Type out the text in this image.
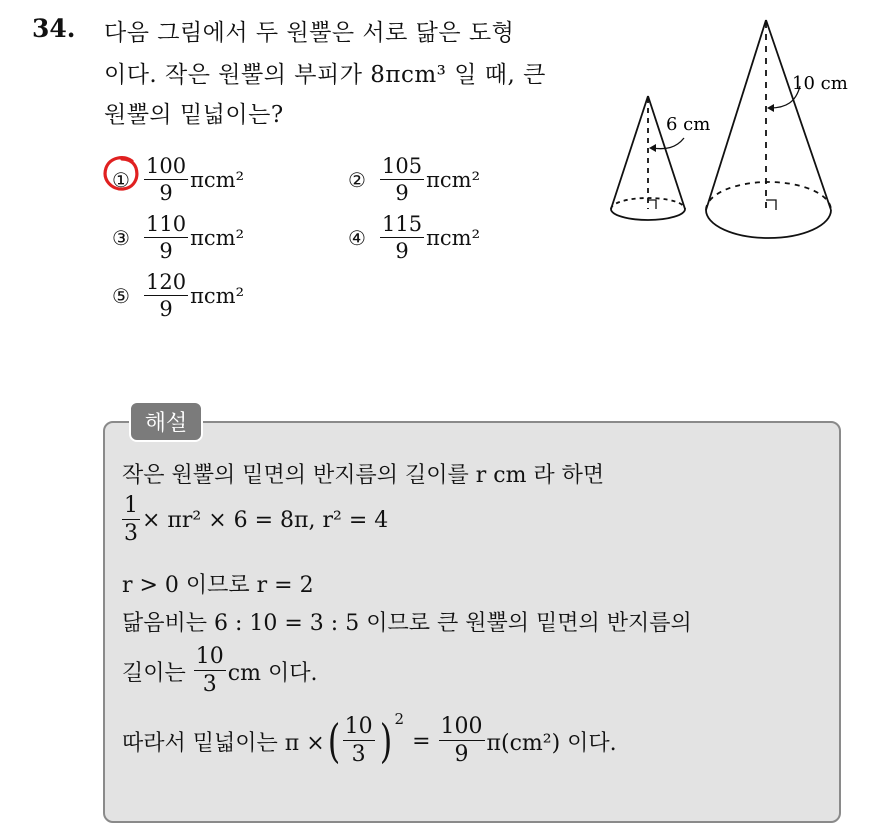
34. 다음 그림에서 두 원뿔은 서로 닮은 도형
이다. 작은 원뿔의 부피가 8πcm³ 일 때, 큰
원뿔의 밑넓이는?
① $\frac{100}{9} \pi cm^2$	② $\frac{105}{9} \pi cm^2$
③ $\frac{110}{9} \pi cm^2$	④ $\frac{115}{9} \pi cm^2$
⑤ $\frac{120}{9} \pi cm^2$
6 cm
10 cm
해설
작은 원뿔의 밑면의 반지름의 길이를 r cm 라 하면
$\frac{1}{3} \times \pi r^2 \times 6 = 8\pi$, r² = 4
r > 0 이므로 r = 2
닮음비는 6 : 10 = 3 : 5 이므로 큰 원뿔의 밑면의 반지름의
길이는 $\frac{10}{3}$ cm 이다.
따라서 밑넓이는 π × ( $\frac{10}{3}$ ) 2
= $\frac{100}{9} \pi(cm^2)$ 이다.
